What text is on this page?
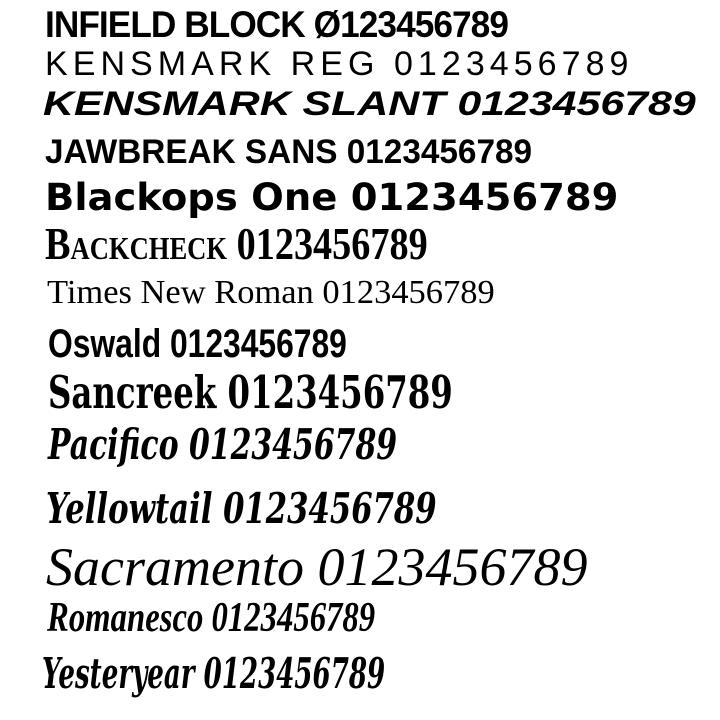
INFIELD BLOCK Ø123456789
KENSMARK REG 0123456789
KENSMARK SLANT 0123456789
JAWBREAK SANS 0123456789
Blackops One 0123456789
Backcheck 0123456789
Times New Roman 0123456789
Oswald 0123456789
Sancreek 0123456789
Pacifico 0123456789
Yellowtail 0123456789
Sacramento 0123456789
Romanesco 0123456789
Yesteryear 0123456789
